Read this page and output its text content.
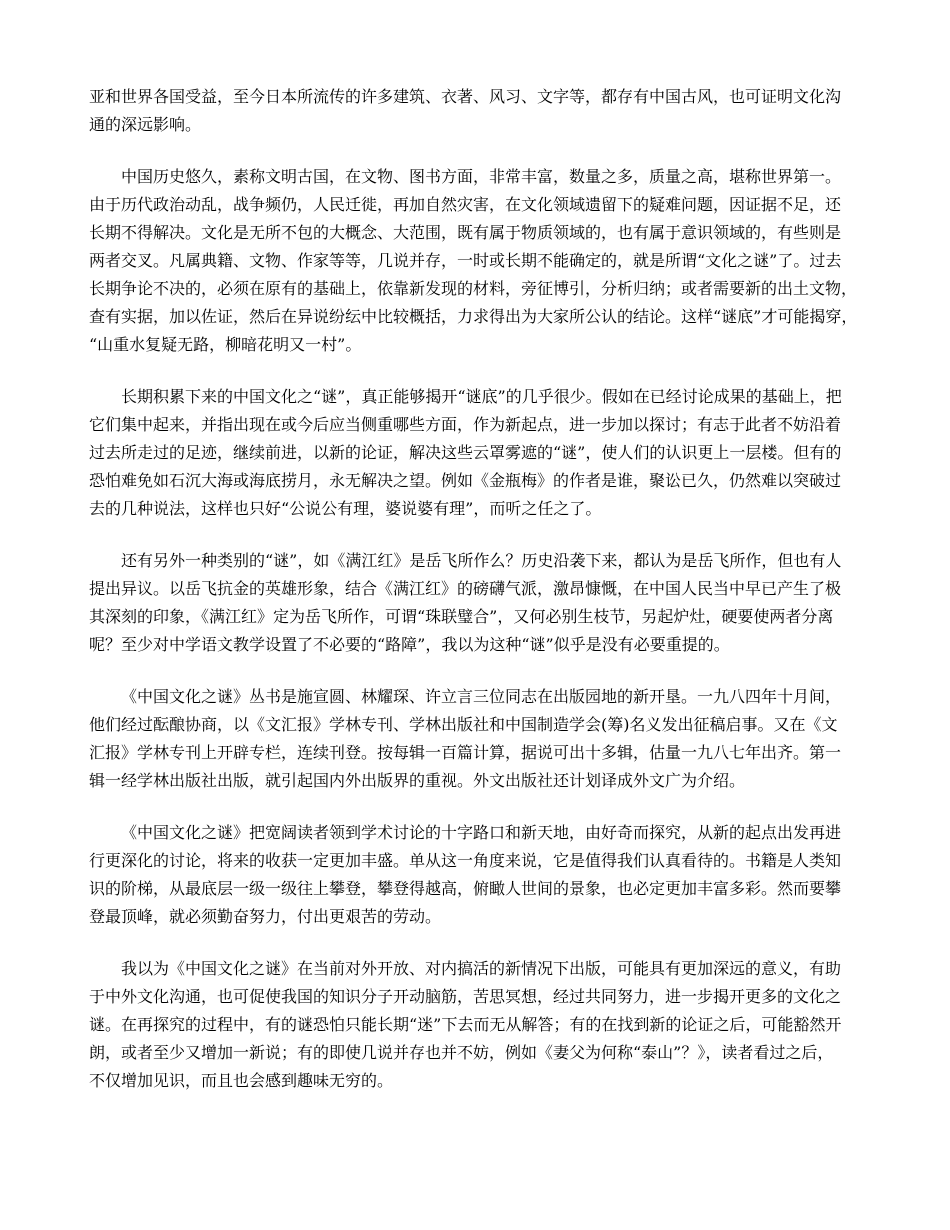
亚和世界各国受益，至今日本所流传的许多建筑、衣著、风习、文字等，都存有中国古风，也可证明文化沟
通的深远影响。

中国历史悠久，素称文明古国，在文物、图书方面，非常丰富，数量之多，质量之高，堪称世界第一。
由于历代政治动乱，战争频仍，人民迁徙，再加自然灾害，在文化领域遗留下的疑难问题，因证据不足，还
长期不得解决。文化是无所不包的大概念、大范围，既有属于物质领域的，也有属于意识领域的，有些则是
两者交叉。凡属典籍、文物、作家等等，几说并存，一时或长期不能确定的，就是所谓“文化之谜”了。过去
长期争论不决的，必须在原有的基础上，依靠新发现的材料，旁征博引，分析归纳；或者需要新的出土文物，
查有实据，加以佐证，然后在异说纷纭中比较概括，力求得出为大家所公认的结论。这样“谜底”才可能揭穿，
“山重水复疑无路，柳暗花明又一村”。

长期积累下来的中国文化之“谜”，真正能够揭开“谜底”的几乎很少。假如在已经讨论成果的基础上，把
它们集中起来，并指出现在或今后应当侧重哪些方面，作为新起点，进一步加以探讨；有志于此者不妨沿着
过去所走过的足迹，继续前进，以新的论证，解决这些云罩雾遮的“谜”，使人们的认识更上一层楼。但有的
恐怕难免如石沉大海或海底捞月，永无解决之望。例如《金瓶梅》的作者是谁，聚讼已久，仍然难以突破过
去的几种说法，这样也只好“公说公有理，婆说婆有理”，而听之任之了。

还有另外一种类别的“谜”，如《满江红》是岳飞所作么？历史沿袭下来，都认为是岳飞所作，但也有人
提出异议。以岳飞抗金的英雄形象，结合《满江红》的磅礴气派，激昂慷慨，在中国人民当中早已产生了极
其深刻的印象，《满江红》定为岳飞所作，可谓“珠联璧合”，又何必别生枝节，另起炉灶，硬要使两者分离
呢？至少对中学语文教学设置了不必要的“路障”，我以为这种“谜”似乎是没有必要重提的。

《中国文化之谜》丛书是施宣圆、林耀琛、许立言三位同志在出版园地的新开垦。一九八四年十月间，
他们经过酝酿协商，以《文汇报》学林专刊、学林出版社和中国制造学会(筹)名义发出征稿启事。又在《文
汇报》学林专刊上开辟专栏，连续刊登。按每辑一百篇计算，据说可出十多辑，估量一九八七年出齐。第一
辑一经学林出版社出版，就引起国内外出版界的重视。外文出版社还计划译成外文广为介绍。

《中国文化之谜》把宽阔读者领到学术讨论的十字路口和新天地，由好奇而探究，从新的起点出发再进
行更深化的讨论，将来的收获一定更加丰盛。单从这一角度来说，它是值得我们认真看待的。书籍是人类知
识的阶梯，从最底层一级一级往上攀登，攀登得越高，俯瞰人世间的景象，也必定更加丰富多彩。然而要攀
登最顶峰，就必须勤奋努力，付出更艰苦的劳动。

我以为《中国文化之谜》在当前对外开放、对内搞活的新情况下出版，可能具有更加深远的意义，有助
于中外文化沟通，也可促使我国的知识分子开动脑筋，苦思冥想，经过共同努力，进一步揭开更多的文化之
谜。在再探究的过程中，有的谜恐怕只能长期“迷”下去而无从解答；有的在找到新的论证之后，可能豁然开
朗，或者至少又增加一新说；有的即使几说并存也并不妨，例如《妻父为何称“泰山”？》，读者看过之后，
不仅增加见识，而且也会感到趣味无穷的。
